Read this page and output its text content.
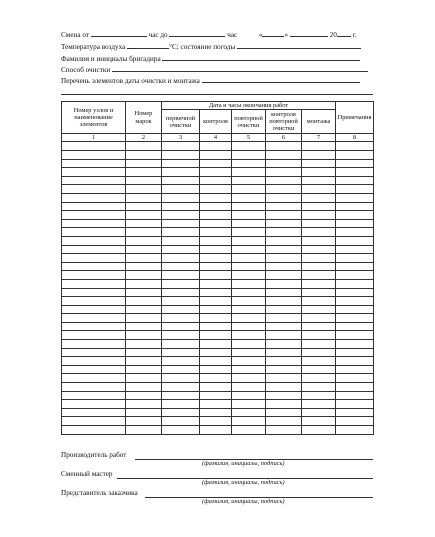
Смена от	час до	час	«	»	20 г.
Температура воздуха	°С; состояние погоды
Фамилия и инициалы бригадира
Способ очистки
Перечень элементов даты очистки и монтажа
Номер узлов и наименование элементов	Номер марок	Дата и часы окончания работ					Примечания
		первичной очистки	контроля	повторной очистки	контроля повторной очистки	монтажа	
1	2	3	4	5	6	7	8

Производитель работ
(фамилия, инициалы, подпись)
Сменный мастер
(фамилия, инициалы, подпись)
Представитель заказчика
(фамилия, инициалы, подпись)
